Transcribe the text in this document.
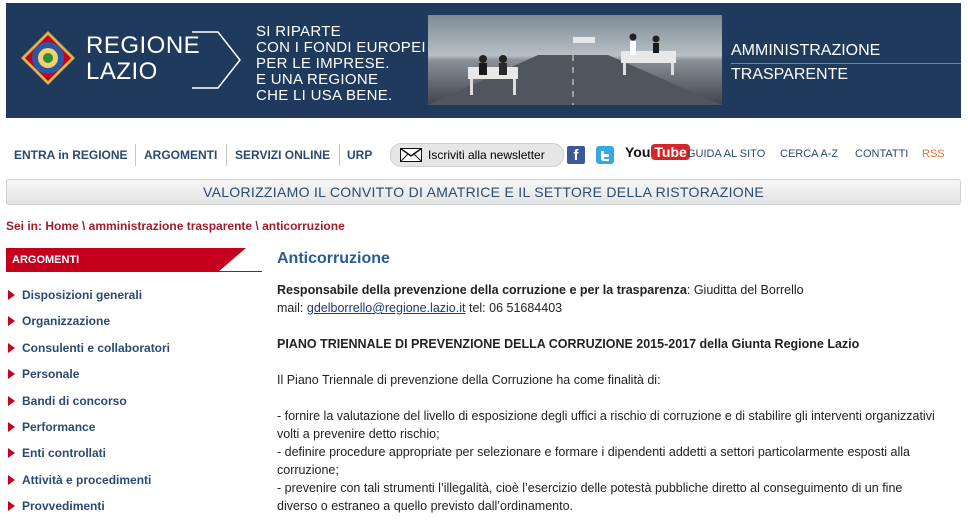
REGIONE
LAZIO
SI RIPARTE
CON I FONDI EUROPEI
PER LE IMPRESE.
E UNA REGIONE
CHE LI USA BENE.
AMMINISTRAZIONE
TRASPARENTE
ENTRA in REGIONE ARGOMENTI SERVIZI ONLINE URP	Iscriviti alla newsletter	f	You Tube GUIDA AL SITO CERCA A-Z CONTATTI RSS
VALORIZZIAMO IL CONVITTO DI AMATRICE E IL SETTORE DELLA RISTORAZIONE
Sei in: Home \ amministrazione trasparente \ anticorruzione
ARGOMENTI
Disposizioni generali
Organizzazione
Consulenti e collaboratori
Personale
Bandi di concorso
Performance
Enti controllati
Attività e procedimenti
Provvedimenti
Anticorruzione

Responsabile della prevenzione della corruzione e per la trasparenza: Giuditta del Borrello

mail: gdelborrello@regione.lazio.it tel: 06 51684403

PIANO TRIENNALE DI PREVENZIONE DELLA CORRUZIONE 2015-2017 della Giunta Regione Lazio

Il Piano Triennale di prevenzione della Corruzione ha come finalità di:

- fornire la valutazione del livello di esposizione degli uffici a rischio di corruzione e di stabilire gli interventi organizzativi volti a prevenire detto rischio;

- definire procedure appropriate per selezionare e formare i dipendenti addetti a settori particolarmente esposti alla corruzione;

- prevenire con tali strumenti l’illegalità, cioè l’esercizio delle potestà pubbliche diretto al conseguimento di un fine diverso o estraneo a quello previsto dall’ordinamento.
